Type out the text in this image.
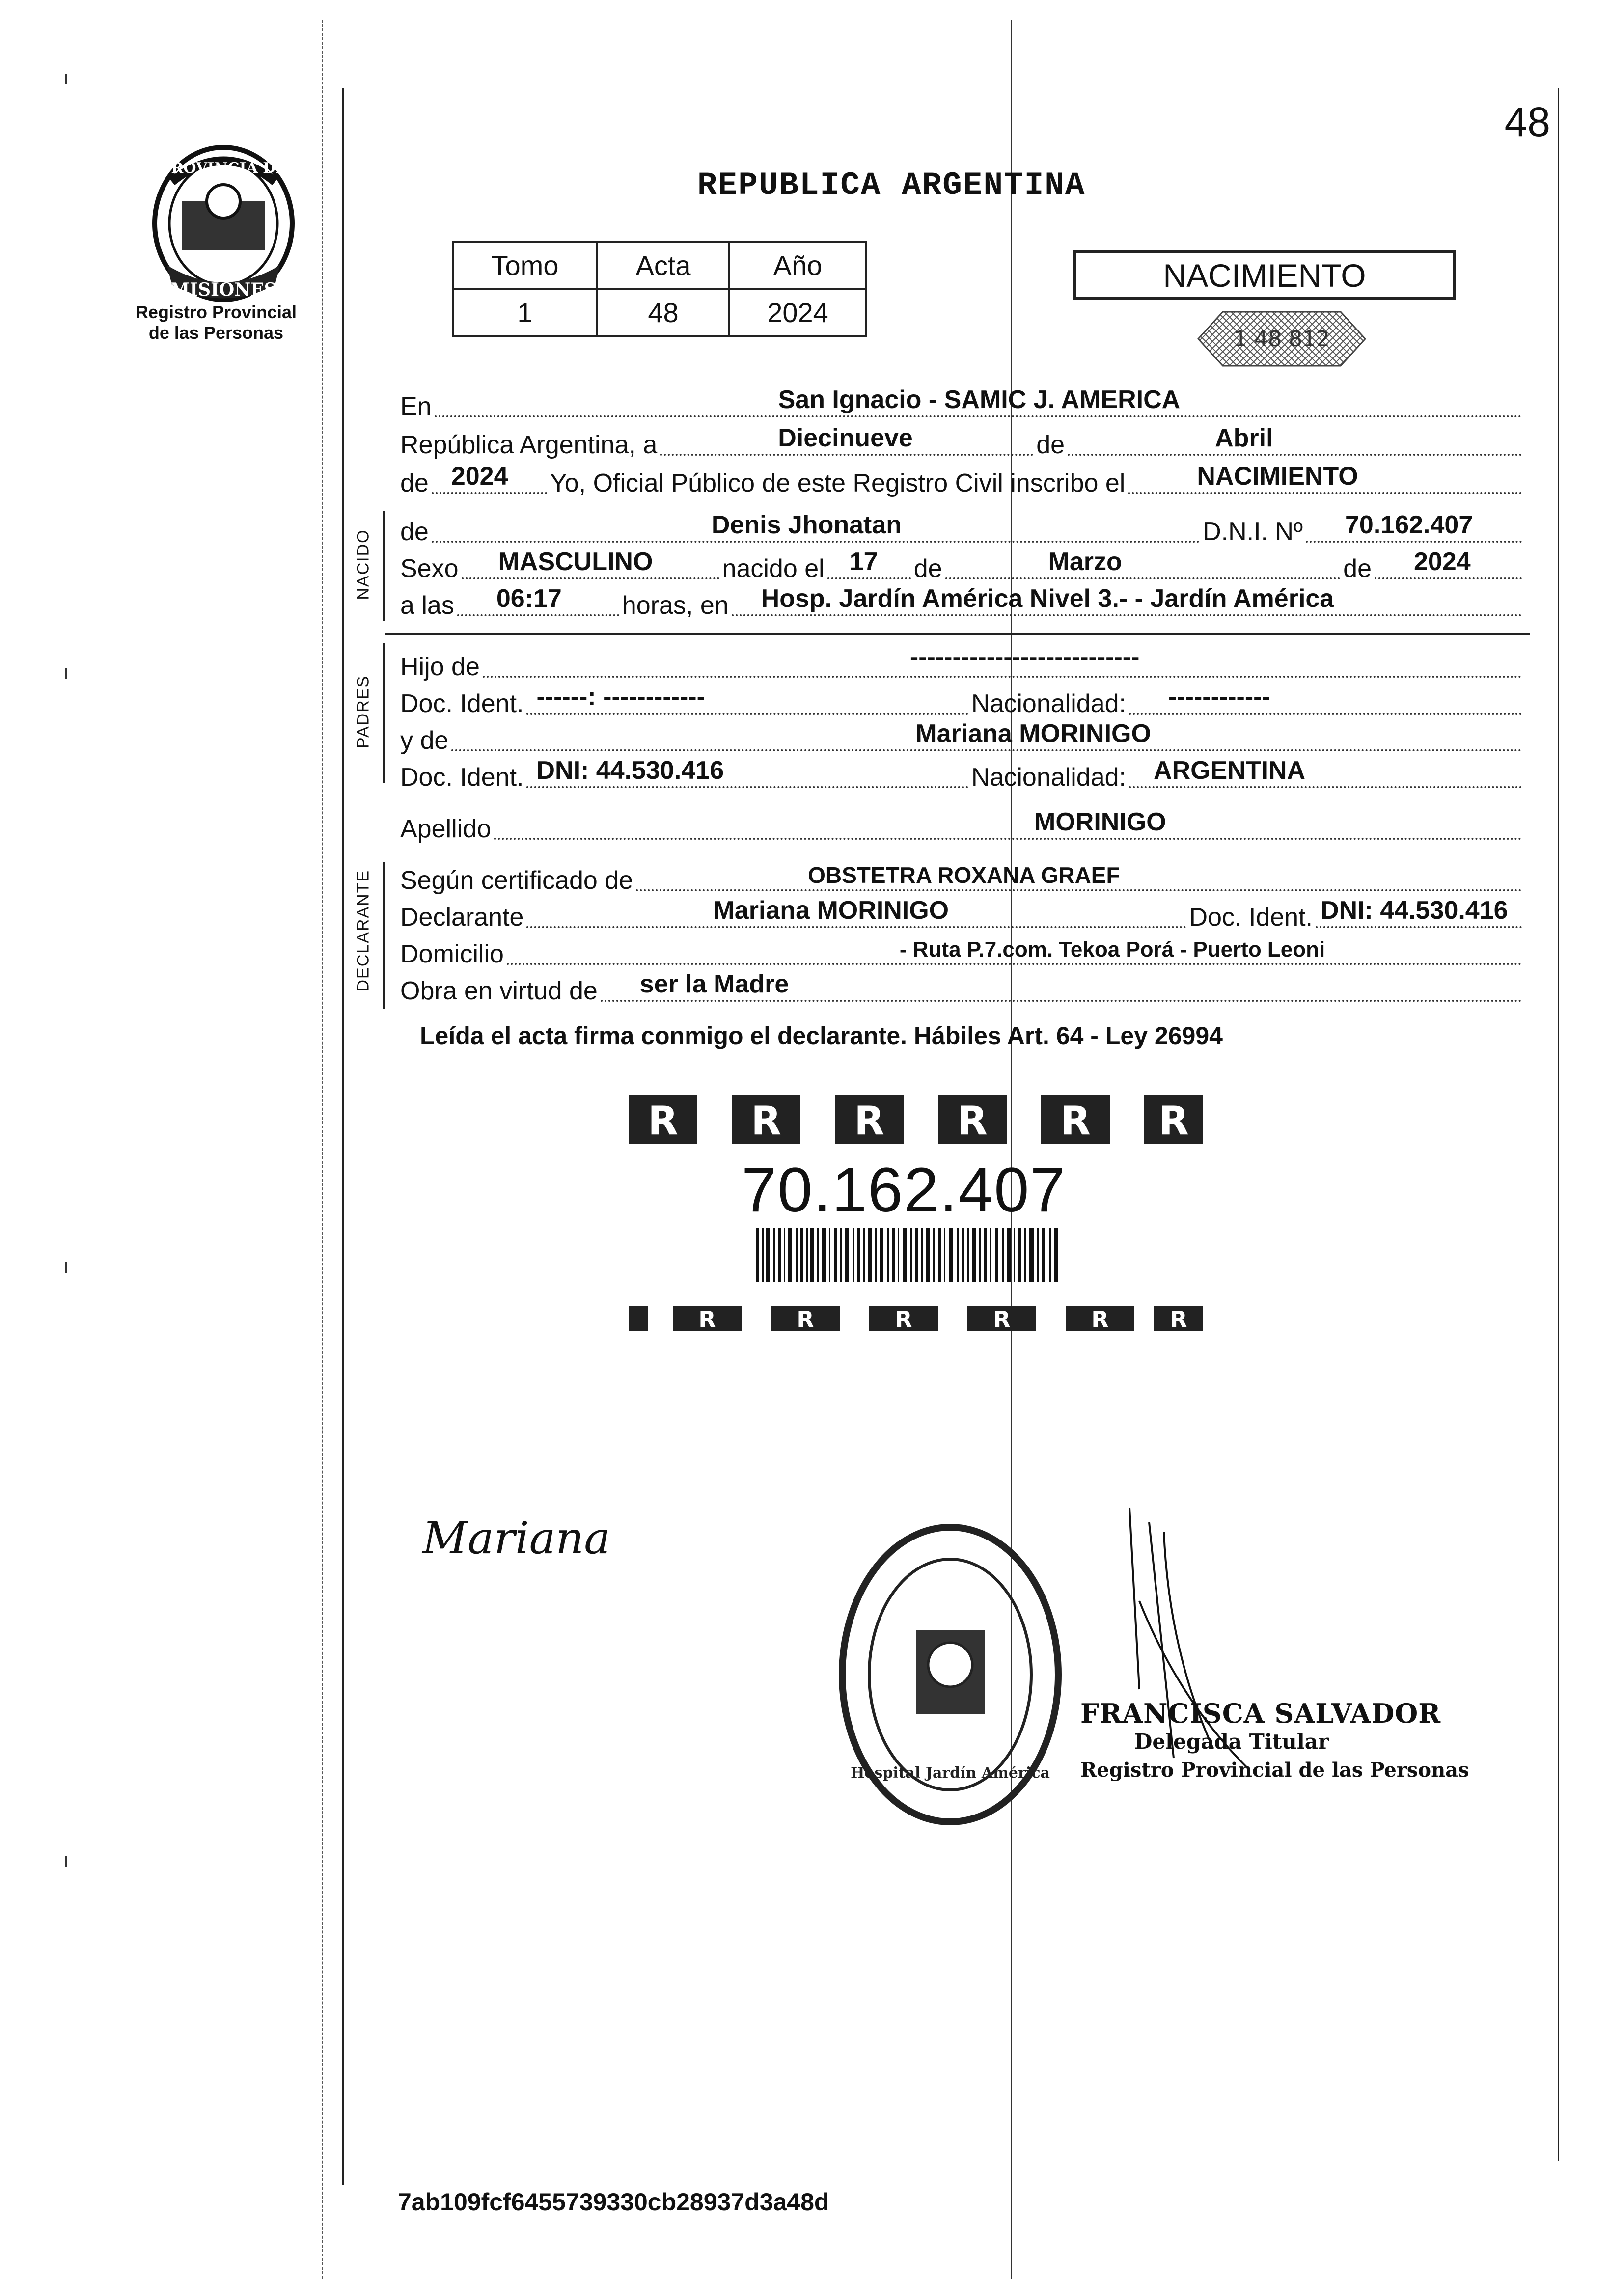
MISIONES
PROVINCIA DE
Registro Provincial
de las Personas
48
REPUBLICA ARGENTINA
Tomo	Acta	Año
1	48	2024
NACIMIENTO
1 48 812
En	San Ignacio - SAMIC J. AMERICA
República Argentina, a	Diecinueve	de	Abril
de 2024 Yo, Oficial Público de este Registro Civil inscribo el	NACIMIENTO
NACIDO de	Denis Jhonatan	D.N.I. Nº 70.162.407
Sexo MASCULINO	nacido el 17 de	Marzo	de 2024
a las 06:17 horas, en Hosp. Jardín América Nivel 3.- - Jardín América
PADRES
Hijo de	---------------------------
Doc. Ident. ------: ------------	Nacionalidad: ------------
y de	Mariana MORINIGO
Doc. Ident. DNI: 44.530.416	Nacionalidad: ARGENTINA
Apellido	MORINIGO
DECLARANTE Según certificado de	OBSTETRA ROXANA GRAEF
Declarante	Mariana MORINIGO	Doc. Ident. DNI: 44.530.416
Domicilio	- Ruta P.7.com. Tekoa Porá - Puerto Leoni
Obra en virtud de ser la Madre
Leída el acta firma conmigo el declarante. Hábiles Art. 64 - Ley 26994
R R R R R R
70.162.407
R	R	R	R	R	R
Mariana
Hospital Jardín América
FRANCISCA SALVADOR
Delegada Titular
Registro Provincial de las Personas
7ab109fcf6455739330cb28937d3a48d
